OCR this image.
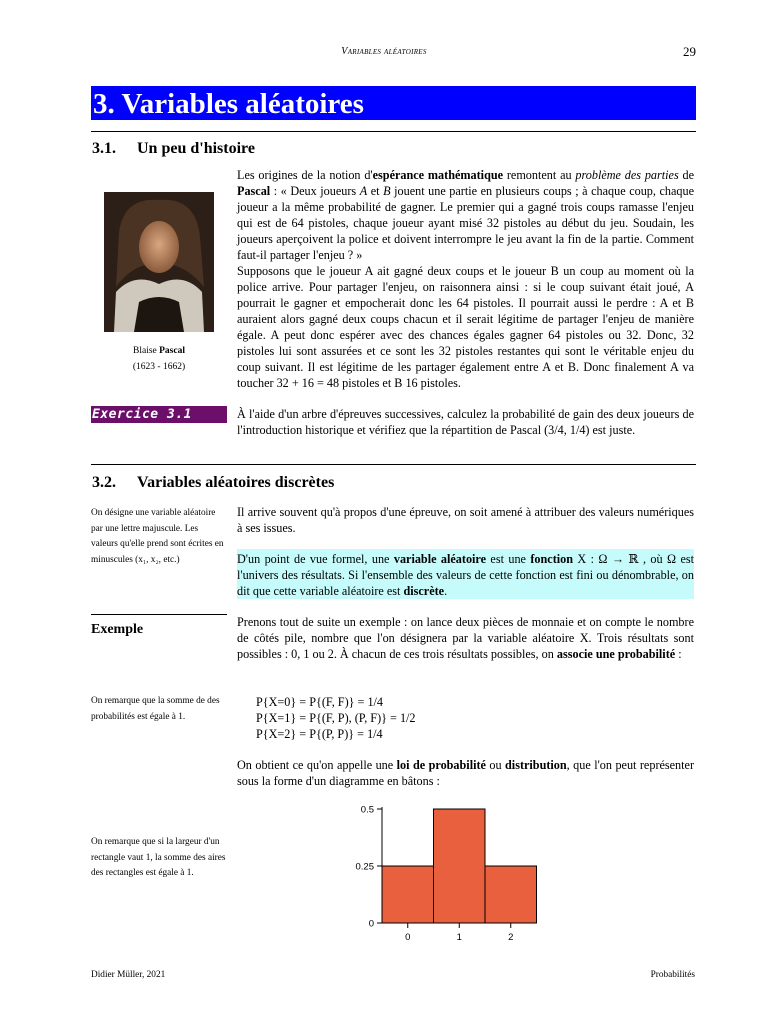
Variables aléatoires	29
3. Variables aléatoires
3.1. Un peu d'histoire
Blaise Pascal
(1623 - 1662)
Les origines de la notion d'espérance mathématique remontent au problème des parties de Pascal : « Deux joueurs A et B jouent une partie en plusieurs coups ; à chaque coup, chaque joueur a la même probabilité de gagner. Le premier qui a gagné trois coups ramasse l'enjeu qui est de 64 pistoles, chaque joueur ayant misé 32 pistoles au début du jeu. Soudain, les joueurs aperçoivent la police et doivent interrompre le jeu avant la fin de la partie. Comment faut-il partager l'enjeu ? »
Supposons que le joueur A ait gagné deux coups et le joueur B un coup au moment où la police arrive. Pour partager l'enjeu, on raisonnera ainsi : si le coup suivant était joué, A pourrait le gagner et empocherait donc les 64 pistoles. Il pourrait aussi le perdre : A et B auraient alors gagné deux coups chacun et il serait légitime de partager l'enjeu de manière égale. A peut donc espérer avec des chances égales gagner 64 pistoles ou 32. Donc, 32 pistoles lui sont assurées et ce sont les 32 pistoles restantes qui sont le véritable enjeu du coup suivant. Il est légitime de les partager également entre A et B. Donc finalement A va toucher 32 + 16 = 48 pistoles et B 16 pistoles.
Exercice 3.1	À l'aide d'un arbre d'épreuves successives, calculez la probabilité de gain des deux joueurs de l'introduction historique et vérifiez que la répartition de Pascal (3/4, 1/4) est juste.
3.2. Variables aléatoires discrètes
On désigne une variable aléatoire par une lettre majuscule. Les valeurs qu'elle prend sont écrites en minuscules (x₁, x₂, etc.)
Il arrive souvent qu'à propos d'une épreuve, on soit amené à attribuer des valeurs numériques à ses issues.
D'un point de vue formel, une variable aléatoire est une fonction X : Ω → ℝ , où Ω est l'univers des résultats. Si l'ensemble des valeurs de cette fonction est fini ou dénombrable, on dit que cette variable aléatoire est discrète.
Exemple	Prenons tout de suite un exemple : on lance deux pièces de monnaie et on compte le nombre de côtés pile, nombre que l'on désignera par la variable aléatoire X. Trois résultats sont possibles : 0, 1 ou 2. À chacun de ces trois résultats possibles, on associe une probabilité :
On remarque que la somme de des probabilités est égale à 1.
P{X=0} = P{(F, F)} = 1/4
P{X=1} = P{(F, P), (P, F)} = 1/2
P{X=2} = P{(P, P)} = 1/4
On obtient ce qu'on appelle une loi de probabilité ou distribution, que l'on peut représenter sous la forme d'un diagramme en bâtons :
On remarque que si la largeur d'un rectangle vaut 1, la somme des aires des rectangles est égale à 1.
0	1	2
0
0.25
0.5
Didier Müller, 2021	Probabilités
